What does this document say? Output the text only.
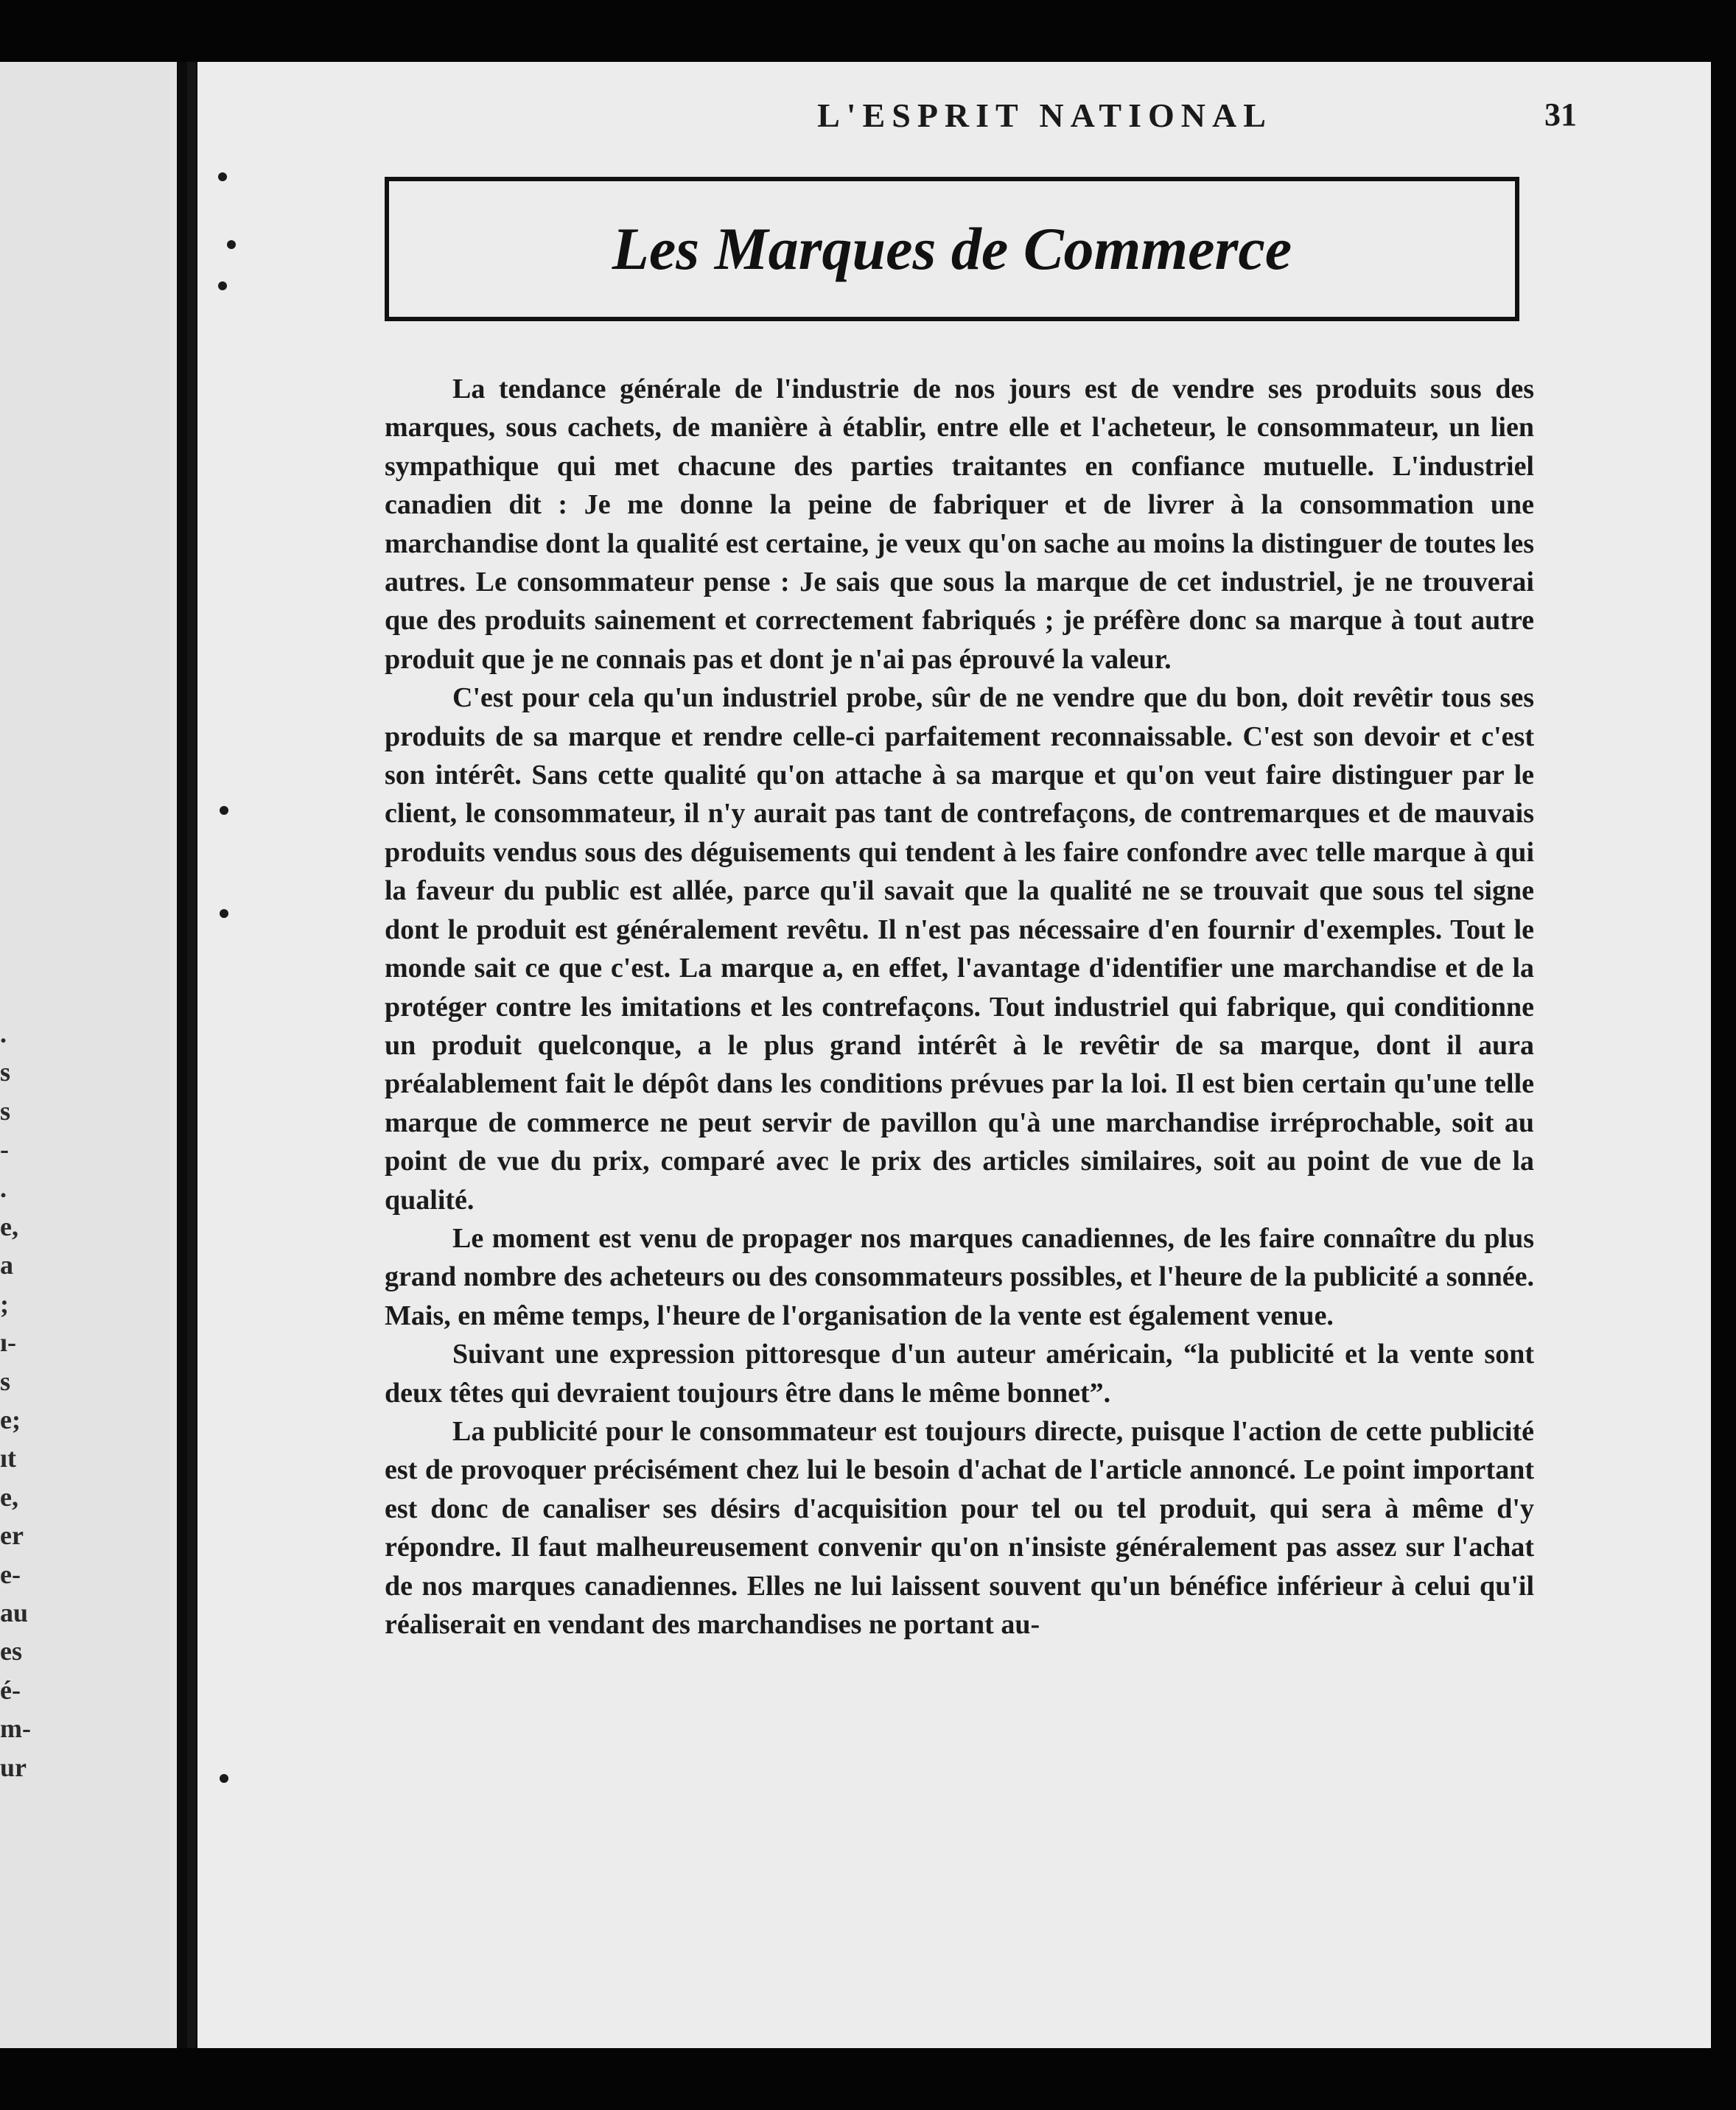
.
s
s
-
.
e,
a
;
ı-
s
e;
ıt
e,
er
e-
au
es
é-
m-
ur
L'ESPRIT NATIONAL	31
Les Marques de Commerce

La tendance générale de l'industrie de nos jours est de vendre ses produits sous des marques, sous cachets, de manière à établir, entre elle et l'acheteur, le consommateur, un lien sympathique qui met chacune des parties traitantes en confiance mutuelle. L'industriel canadien dit : Je me donne la peine de fabriquer et de livrer à la consommation une marchandise dont la qualité est certaine, je veux qu'on sache au moins la distinguer de toutes les autres. Le consommateur pense : Je sais que sous la marque de cet industriel, je ne trouverai que des produits sainement et correctement fabriqués ; je préfère donc sa marque à tout autre produit que je ne connais pas et dont je n'ai pas éprouvé la valeur.

C'est pour cela qu'un industriel probe, sûr de ne vendre que du bon, doit revêtir tous ses produits de sa marque et rendre celle-ci parfaitement reconnaissable. C'est son devoir et c'est son intérêt. Sans cette qualité qu'on attache à sa marque et qu'on veut faire distinguer par le client, le consommateur, il n'y aurait pas tant de contrefaçons, de contremarques et de mauvais produits vendus sous des déguisements qui tendent à les faire confondre avec telle marque à qui la faveur du public est allée, parce qu'il savait que la qualité ne se trouvait que sous tel signe dont le produit est généralement revêtu. Il n'est pas nécessaire d'en fournir d'exemples. Tout le monde sait ce que c'est. La marque a, en effet, l'avantage d'identifier une marchandise et de la protéger contre les imitations et les contrefaçons. Tout industriel qui fabrique, qui conditionne un produit quelconque, a le plus grand intérêt à le revêtir de sa marque, dont il aura préalablement fait le dépôt dans les conditions prévues par la loi. Il est bien certain qu'une telle marque de commerce ne peut servir de pavillon qu'à une marchandise irréprochable, soit au point de vue du prix, comparé avec le prix des articles similaires, soit au point de vue de la qualité.

Le moment est venu de propager nos marques canadiennes, de les faire connaître du plus grand nombre des acheteurs ou des consommateurs possibles, et l'heure de la publicité a sonnée. Mais, en même temps, l'heure de l'organisation de la vente est également venue.

Suivant une expression pittoresque d'un auteur américain, “la publicité et la vente sont deux têtes qui devraient toujours être dans le même bonnet”.

La publicité pour le consommateur est toujours directe, puisque l'action de cette publicité est de provoquer précisément chez lui le besoin d'achat de l'article annoncé. Le point important est donc de canaliser ses désirs d'acquisition pour tel ou tel produit, qui sera à même d'y répondre. Il faut malheureusement convenir qu'on n'insiste généralement pas assez sur l'achat de nos marques canadiennes. Elles ne lui laissent souvent qu'un bénéfice inférieur à celui qu'il réaliserait en vendant des marchandises ne portant au-
